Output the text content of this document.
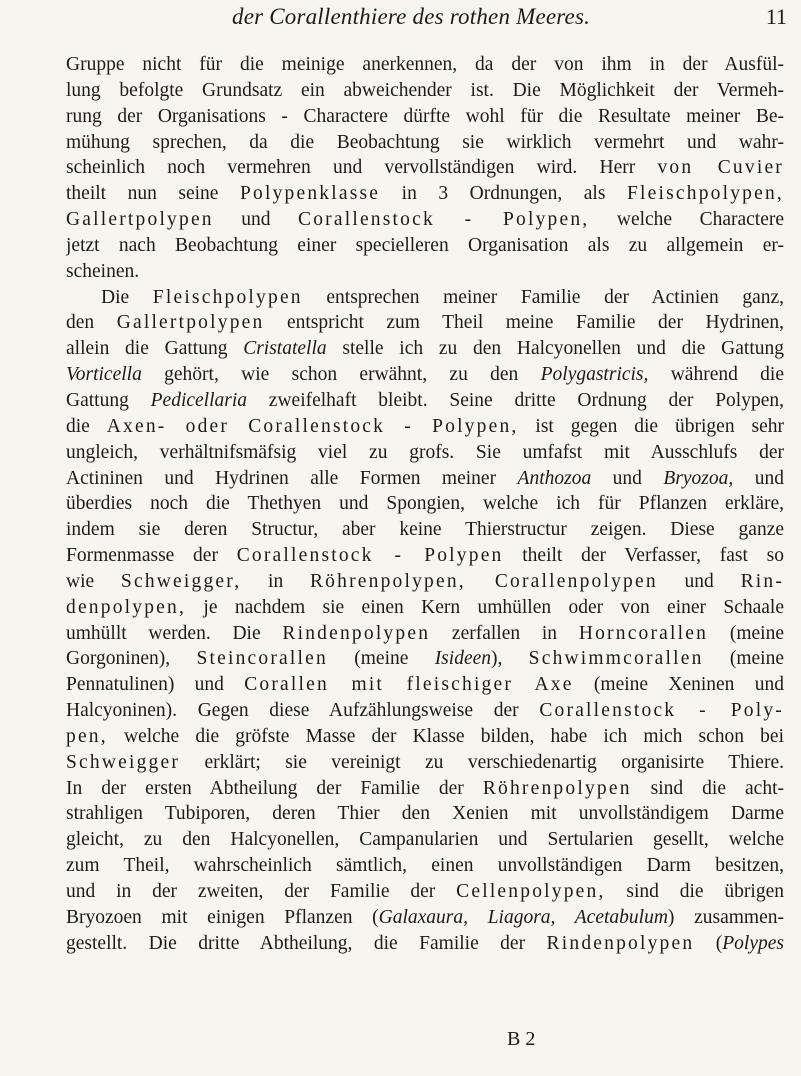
der Corallenthiere des rothen Meeres.	11
Gruppe nicht für die meinige anerkennen, da der von ihm in der Ausfül-
lung befolgte Grundsatz ein abweichender ist. Die Möglichkeit der Vermeh-
rung der Organisations - Charactere dürfte wohl für die Resultate meiner Be-
mühung sprechen, da die Beobachtung sie wirklich vermehrt und wahr-
scheinlich noch vermehren und vervollständigen wird. Herr von Cuvier
theilt nun seine Polypenklasse in 3 Ordnungen, als Fleischpolypen,
Gallertpolypen und Corallenstock - Polypen, welche Charactere
jetzt nach Beobachtung einer specielleren Organisation als zu allgemein er-
scheinen.
Die Fleischpolypen entsprechen meiner Familie der Actinien ganz,
den Gallertpolypen entspricht zum Theil meine Familie der Hydrinen,
allein die Gattung Cristatella stelle ich zu den Halcyonellen und die Gattung
Vorticella gehört, wie schon erwähnt, zu den Polygastricis, während die
Gattung Pedicellaria zweifelhaft bleibt. Seine dritte Ordnung der Polypen,
die Axen- oder Corallenstock - Polypen, ist gegen die übrigen sehr
ungleich, verhältnifsmäfsig viel zu grofs. Sie umfafst mit Ausschlufs der
Actininen und Hydrinen alle Formen meiner Anthozoa und Bryozoa, und
überdies noch die Thethyen und Spongien, welche ich für Pflanzen erkläre,
indem sie deren Structur, aber keine Thierstructur zeigen. Diese ganze
Formenmasse der Corallenstock - Polypen theilt der Verfasser, fast so
wie Schweigger, in Röhrenpolypen, Corallenpolypen und Rin-
denpolypen, je nachdem sie einen Kern umhüllen oder von einer Schaale
umhüllt werden. Die Rindenpolypen zerfallen in Horncorallen (meine
Gorgoninen), Steincorallen (meine Isideen), Schwimmcorallen (meine
Pennatulinen) und Corallen mit fleischiger Axe (meine Xeninen und
Halcyoninen). Gegen diese Aufzählungsweise der Corallenstock - Poly-
pen, welche die gröfste Masse der Klasse bilden, habe ich mich schon bei
Schweigger erklärt; sie vereinigt zu verschiedenartig organisirte Thiere.
In der ersten Abtheilung der Familie der Röhrenpolypen sind die acht-
strahligen Tubiporen, deren Thier den Xenien mit unvollständigem Darme
gleicht, zu den Halcyonellen, Campanularien und Sertularien gesellt, welche
zum Theil, wahrscheinlich sämtlich, einen unvollständigen Darm besitzen,
und in der zweiten, der Familie der Cellenpolypen, sind die übrigen
Bryozoen mit einigen Pflanzen (Galaxaura, Liagora, Acetabulum) zusammen-
gestellt. Die dritte Abtheilung, die Familie der Rindenpolypen (Polypes
B 2
